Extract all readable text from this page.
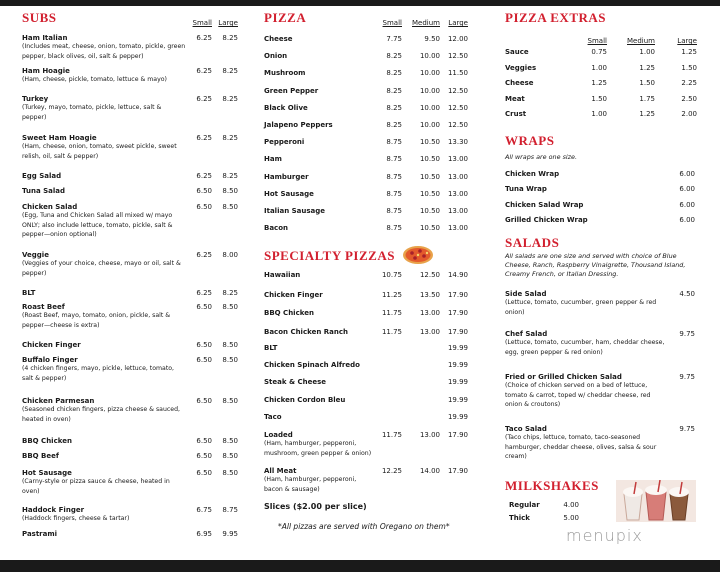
SUBS	Small Large
Ham Italian
(Includes meat, cheese, onion, tomato, pickle, green pepper, black olives, oil, salt & pepper)
6.25	8.25
Ham Hoagie
(Ham, cheese, pickle, tomato, lettuce & mayo)
6.25	8.25
Turkey
(Turkey, mayo, tomato, pickle, lettuce, salt & pepper)
6.25	8.25
Sweet Ham Hoagie
(Ham, cheese, onion, tomato, sweet pickle, sweet relish, oil, salt & pepper)
6.25	8.25
Egg Salad	6.25	8.25
Tuna Salad	6.50	8.50
Chicken Salad
(Egg, Tuna and Chicken Salad all mixed w/ mayo ONLY; also include lettuce, tomato, pickle, salt & pepper—onion optional)
6.50	8.50
Veggie
(Veggies of your choice, cheese, mayo or oil, salt & pepper)
6.25	8.00
BLT	6.25	8.25
Roast Beef
(Roast Beef, mayo, tomato, onion, pickle, salt & pepper—cheese is extra)
6.50	8.50
Chicken Finger	6.50	8.50
Buffalo Finger
(4 chicken fingers, mayo, pickle, lettuce, tomato, salt & pepper)
6.50	8.50
Chicken Parmesan
(Seasoned chicken fingers, pizza cheese & sauced, heated in oven)
6.50	8.50
BBQ Chicken	6.50	8.50
BBQ Beef	6.50	8.50
Hot Sausage
(Carny-style or pizza sauce & cheese, heated in oven)
6.50	8.50
Haddock Finger
(Haddock fingers, cheese & tartar)
6.75	8.75
Pastrami	6.95	9.95
PIZZA	Small	Medium	Large
Cheese	7.75	9.50	12.00
Onion	8.25	10.00	12.50
Mushroom	8.25	10.00	11.50
Green Pepper	8.25	10.00	12.50
Black Olive	8.25	10.00	12.50
Jalapeno Peppers	8.25	10.00	12.50
Pepperoni	8.75	10.50	13.30
Ham	8.75	10.50	13.00
Hamburger	8.75	10.50	13.00
Hot Sausage	8.75	10.50	13.00
Italian Sausage	8.75	10.50	13.00
Bacon	8.75	10.50	13.00
SPECIALTY PIZZAS
Hawaiian	10.75	12.50	14.90
Chicken Finger	11.25	13.50	17.90
BBQ Chicken	11.75	13.00	17.90
Bacon Chicken Ranch	11.75	13.00	17.90
BLT	19.99
Chicken Spinach Alfredo	19.99
Steak & Cheese	19.99
Chicken Cordon Bleu	19.99
Taco	19.99
Loaded
(Ham, hamburger, pepperoni, mushroom, green pepper & onion)
11.75	13.00	17.90
All Meat
(Ham, hamburger, pepperoni, bacon & sausage)
12.25	14.00	17.90
Slices ($2.00 per slice)
*All pizzas are served with Oregano on them*
PIZZA EXTRAS
Small	Medium	Large
Sauce	0.75	1.00	1.25
Veggies	1.00	1.25	1.50
Cheese	1.25	1.50	2.25
Meat	1.50	1.75	2.50
Crust	1.00	1.25	2.00
WRAPS
All wraps are one size.
Chicken Wrap	6.00
Tuna Wrap	6.00
Chicken Salad Wrap	6.00
Grilled Chicken Wrap	6.00
SALADS
All salads are one size and served with choice of Blue Cheese, Ranch, Raspberry Vinaigrette, Thousand Island, Creamy French, or Italian Dressing.
Side Salad
(Lettuce, tomato, cucumber, green pepper & red onion)
4.50
Chef Salad
(Lettuce, tomato, cucumber, ham, cheddar cheese, egg, green pepper & red onion)
9.75
Fried or Grilled Chicken Salad
(Choice of chicken served on a bed of lettuce, tomato & carrot, toped w/ cheddar cheese, red onion & croutons)
9.75
Taco Salad
(Taco chips, lettuce, tomato, taco-seasoned hamburger, cheddar cheese, olives, salsa & sour cream)
9.75
MILKSHAKES
Regular	4.00
Thick	5.00
menupix
